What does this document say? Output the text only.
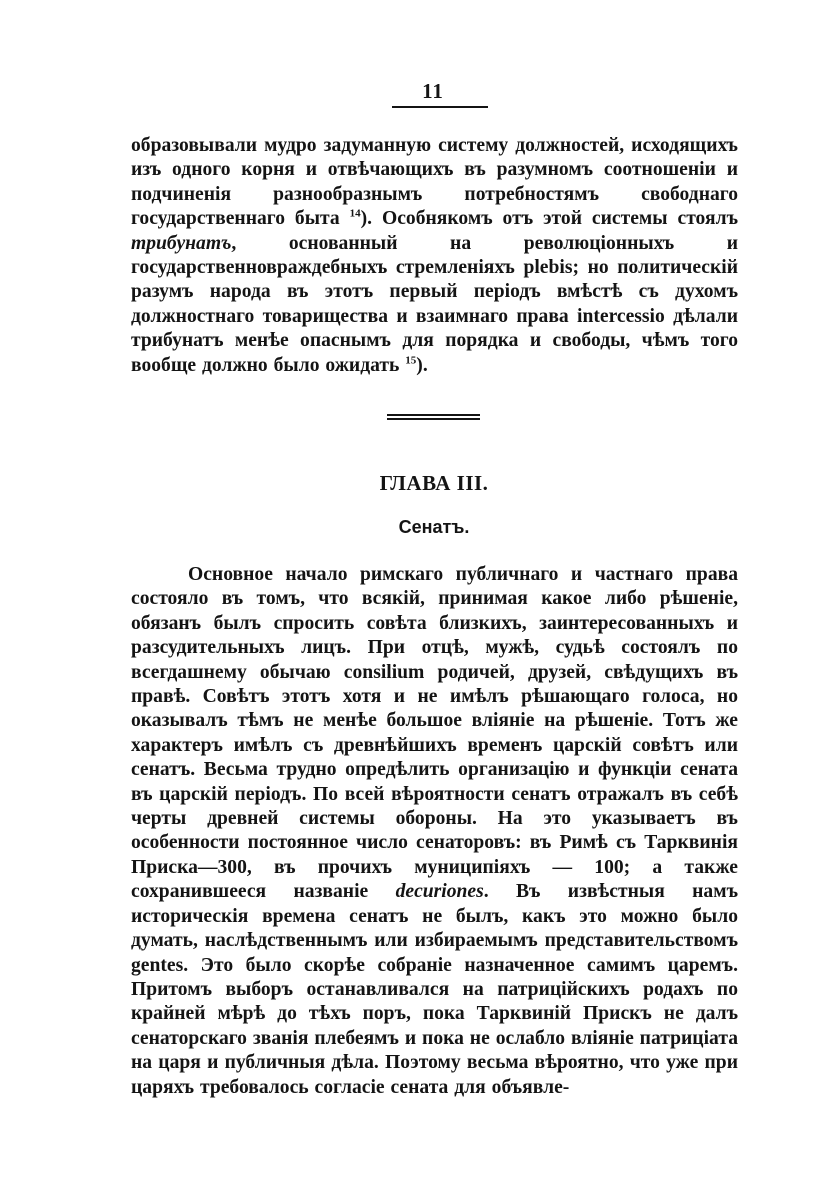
11

образовывали мудро задуманную систему должностей, исходящихъ изъ одного корня и отвѣчающихъ въ разумномъ соотношеніи и подчиненія разнообразнымъ потребностямъ свободнаго государственнаго быта $^{14}$). Особнякомъ отъ этой системы стоялъ трибунатъ, основанный на революціонныхъ и государственновраждебныхъ стремленіяхъ plebis; но политическій разумъ народа въ этотъ первый періодъ вмѣстѣ съ духомъ должностнаго товарищества и взаимнаго права intercessio дѣлали трибунатъ менѣе опаснымъ для порядка и свободы, чѣмъ того вообще должно было ожидать $^{15}$).

ГЛАВА III.
Сенатъ.

Основное начало римскаго публичнаго и частнаго права состояло въ томъ, что всякій, принимая какое либо рѣшеніе, обязанъ былъ спросить совѣта близкихъ, заинтересованныхъ и разсудительныхъ лицъ. При отцѣ, мужѣ, судьѣ состоялъ по всегдашнему обычаю consilium родичей, друзей, свѣдущихъ въ правѣ. Совѣтъ этотъ хотя и не имѣлъ рѣшающаго голоса, но оказывалъ тѣмъ не менѣе большое вліяніе на рѣшеніе. Тотъ же характеръ имѣлъ съ древнѣйшихъ временъ царскій совѣтъ или сенатъ. Весьма трудно опредѣлить организацію и функціи сената въ царскій періодъ. По всей вѣроятности сенатъ отражалъ въ себѣ черты древней системы обороны. На это указываетъ въ особенности постоянное число сенаторовъ: въ Римѣ съ Тарквинія Приска—300, въ прочихъ муниципіяхъ — 100; а также сохранившееся названіе decuriones. Въ извѣстныя намъ историческія времена сенатъ не былъ, какъ это можно было думать, наслѣдственнымъ или избираемымъ представительствомъ gentes. Это было скорѣе собраніе назначенное самимъ царемъ. Притомъ выборъ останавливался на патриційскихъ родахъ по крайней мѣрѣ до тѣхъ поръ, пока Тарквиній Прискъ не далъ сенаторскаго званія плебеямъ и пока не ослабло вліяніе патриціата на царя и публичныя дѣла. Поэтому весьма вѣроятно, что уже при царяхъ требовалось согласіе сената для объявле-
